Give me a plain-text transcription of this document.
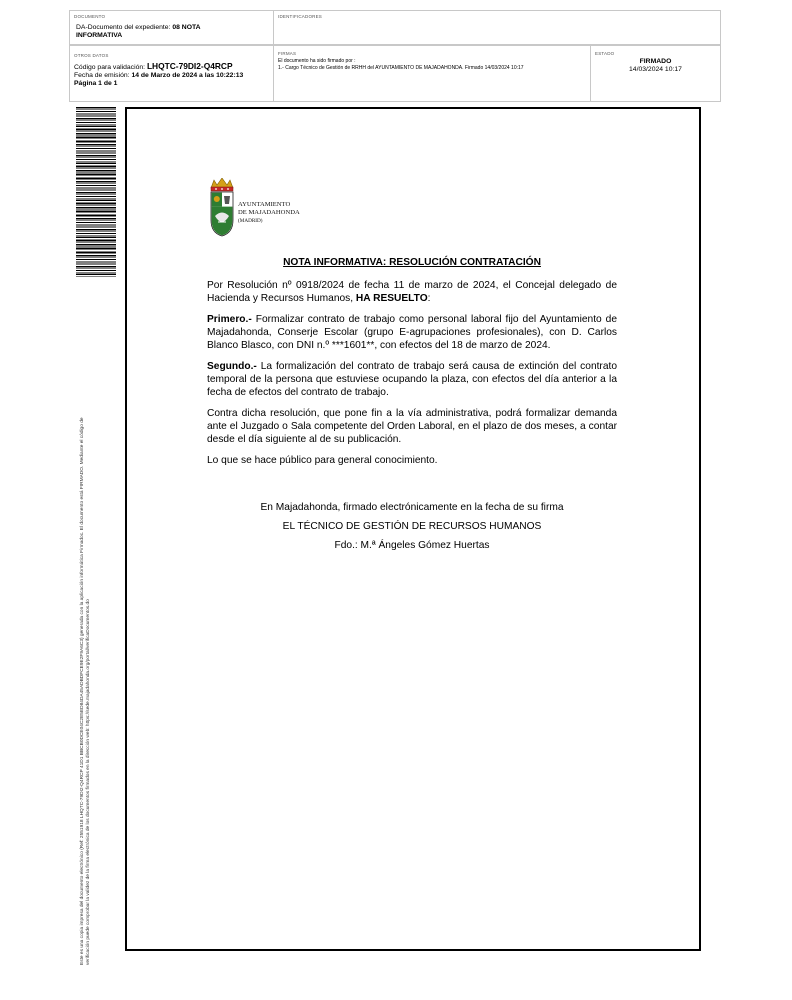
DOCUMENTO
DA-Documento del expediente: 08 NOTA
INFORMATIVA
IDENTIFICADORES
OTROS DATOS
Código para validación: LHQTC-79DI2-Q4RCP
Fecha de emisión: 14 de Marzo de 2024 a las 10:22:13
Página 1 de 1
FIRMAS
El documento ha sido firmado por :
1.- Cargo Técnico de Gestión de RRHH del AYUNTAMIENTO DE MAJADAHONDA. Firmado 14/03/2024 10:17
ESTADO
FIRMADO
14/03/2024 10:17
Este es una copia impresa del documento electrónico (Ref: 2551918 LHQTC-79DI2-Q4RCP 41D1 BBCB0DCE04C2E5ED84DA45ADBDFCE9E2F9A6C3) generada con la aplicación informática Firmadoc. El documento está FIRMADO. Mediante el código de verificación puede comprobar la validez de la firma electrónica de los documentos firmados en la dirección web: https://sede.majadahonda.org/portal/verificaDocumentos.do
AYUNTAMIENTO
DE MAJADAHONDA
(MADRID)
NOTA INFORMATIVA: RESOLUCIÓN CONTRATACIÓN

Por Resolución nº 0918/2024 de fecha 11 de marzo de 2024, el Concejal delegado de Hacienda y Recursos Humanos, HA RESUELTO:

Primero.- Formalizar contrato de trabajo como personal laboral fijo del Ayuntamiento de Majadahonda, Conserje Escolar (grupo E-agrupaciones profesionales), con D. Carlos Blanco Blasco, con DNI n.º ***1601**, con efectos del 18 de marzo de 2024.

Segundo.- La formalización del contrato de trabajo será causa de extinción del contrato temporal de la persona que estuviese ocupando la plaza, con efectos del día anterior a la fecha de efectos del contrato de trabajo.

Contra dicha resolución, que pone fin a la vía administrativa, podrá formalizar demanda ante el Juzgado o Sala competente del Orden Laboral, en el plazo de dos meses, a contar desde el día siguiente al de su publicación.

Lo que se hace público para general conocimiento.

En Majadahonda, firmado electrónicamente en la fecha de su firma
EL TÉCNICO DE GESTIÓN DE RECURSOS HUMANOS
Fdo.: M.ª Ángeles Gómez Huertas
